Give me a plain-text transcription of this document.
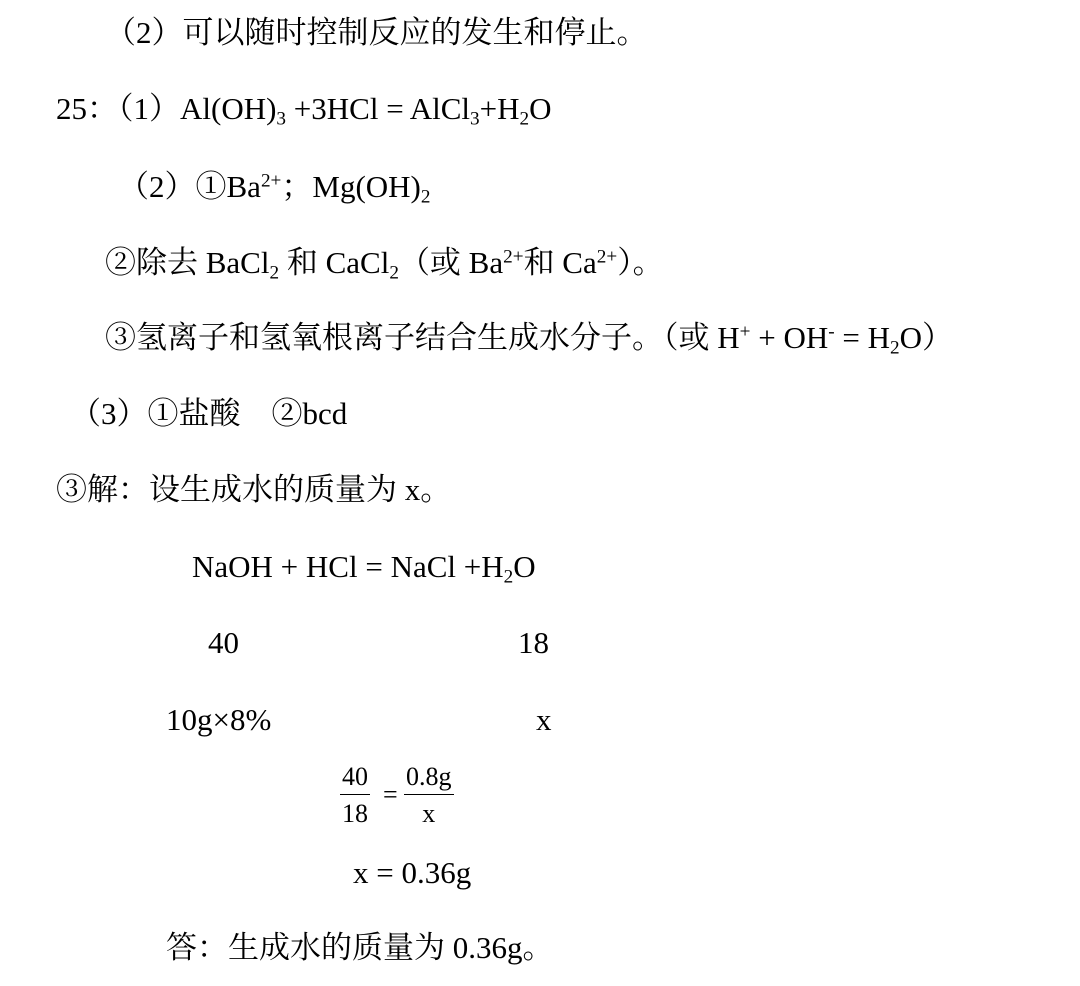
（2）可以随时控制反应的发生和停止。
25：$(1)Al(OH)_3 +3HCl$ = $AlCl_3+H_2O$
$(2)①Ba^{2+}$；$Mg(OH)_2$
②除去 BaCl$_2$ 和 CaCl$_2$（或 $Ba^{2+}$和 $Ca^{2+}$）。
③氢离子和氢氧根离子结合生成水分子。（或 $H^+ + OH^- = H_2O$）
（3）①盐酸　②bcd
③解：设生成水的质量为 x。
NaOH + HCl = NaCl $+H_2O$
40	18
10g×8%	x
40
18
=
0.8g
x
x = 0.36g
答：生成水的质量为 0.36g。
